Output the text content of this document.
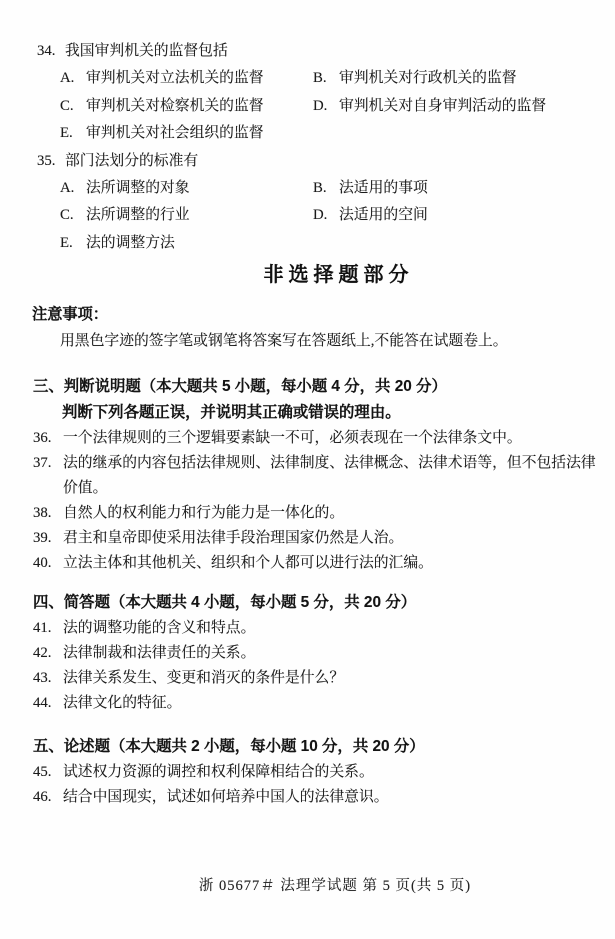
34. 我国审判机关的监督包括
A. 审判机关对立法机关的监督	B. 审判机关对行政机关的监督
C. 审判机关对检察机关的监督	D. 审判机关对自身审判活动的监督
E. 审判机关对社会组织的监督
35. 部门法划分的标准有
A. 法所调整的对象	B. 法适用的事项
C. 法所调整的行业	D. 法适用的空间
E. 法的调整方法
非选择题部分
注意事项：
用黑色字迹的签字笔或钢笔将答案写在答题纸上,不能答在试题卷上。
三、判断说明题（本大题共 5 小题，每小题 4 分，共 20 分）
判断下列各题正误，并说明其正确或错误的理由。
36. 一个法律规则的三个逻辑要素缺一不可，必须表现在一个法律条文中。
37. 法的继承的内容包括法律规则、法律制度、法律概念、法律术语等，但不包括法律价值。
38. 自然人的权利能力和行为能力是一体化的。
39. 君主和皇帝即使采用法律手段治理国家仍然是人治。
40. 立法主体和其他机关、组织和个人都可以进行法的汇编。
四、简答题（本大题共 4 小题，每小题 5 分，共 20 分）
41. 法的调整功能的含义和特点。
42. 法律制裁和法律责任的关系。
43. 法律关系发生、变更和消灭的条件是什么？
44. 法律文化的特征。
五、论述题（本大题共 2 小题，每小题 10 分，共 20 分）
45. 试述权力资源的调控和权利保障相结合的关系。
46. 结合中国现实，试述如何培养中国人的法律意识。
浙 05677＃ 法理学试题 第 5 页(共 5 页)
